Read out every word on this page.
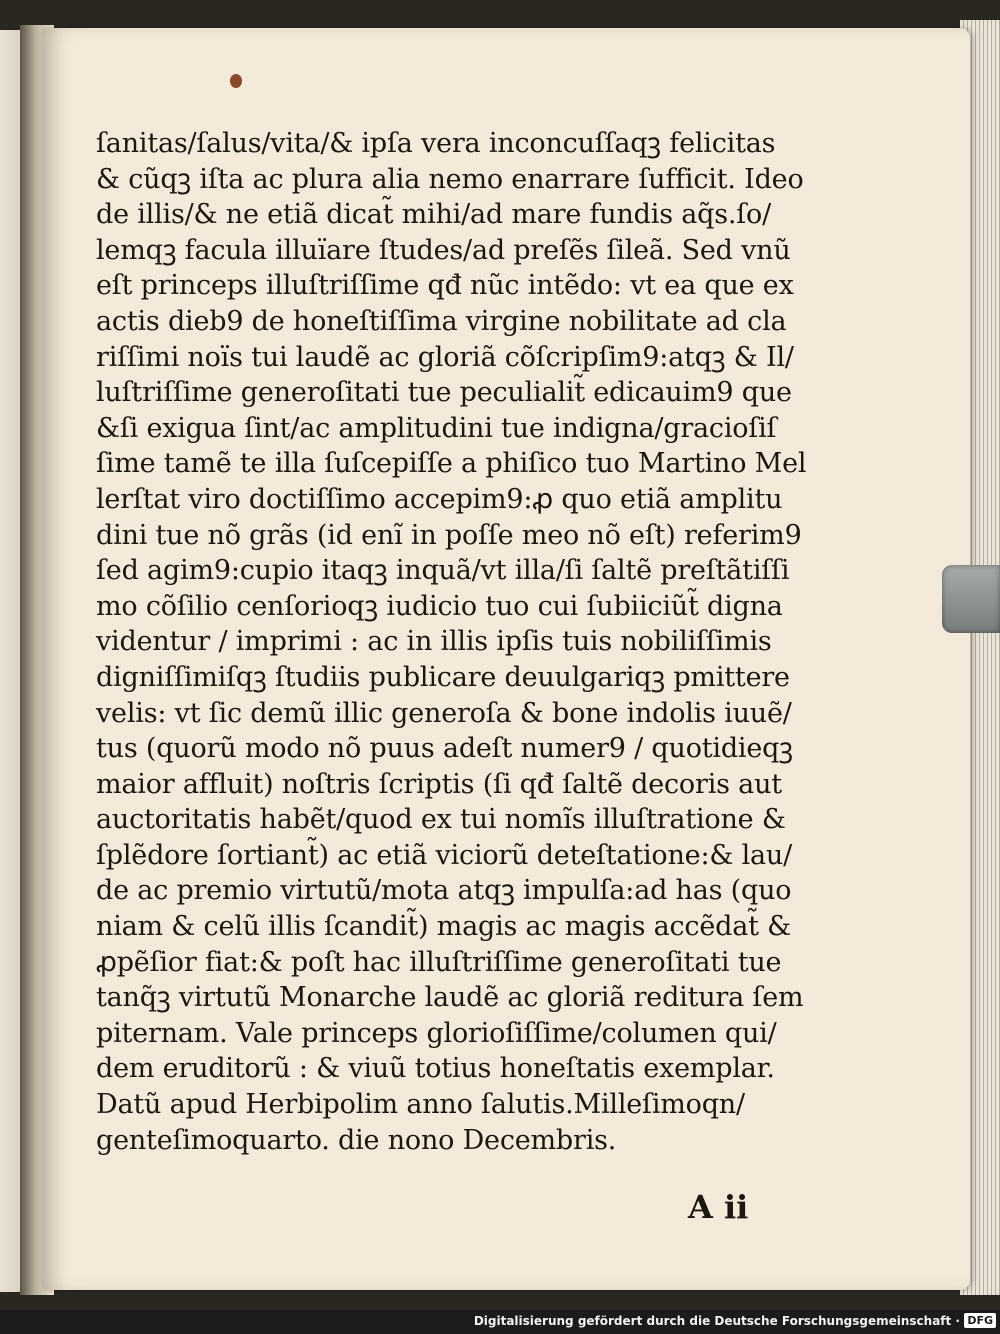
ſanitas/ſalus/vita/& ipſa vera inconcuſſaqꝫ felicitas
& cũqꝫ iſta ac plura alia nemo enarrare ſufficit. Ideo
de illis/& ne etiã dicat̃ mihi/ad mare fundis aq̃s.ſo/
lemqꝫ facula illuïare ſtudes/ad preſẽs ſileã. Sed vnũ
eſt princeps illuſtriſſime qđ nũc intẽdo: vt ea que ex
actis dieb9 de honeſtiſſima virgine nobilitate ad cla
riſſimi noïs tui laudẽ ac gloriã cõſcripſim9:atqꝫ & Il/
luſtriſſime generoſitati tue peculialit̃ edicauim9 que
&ſi exigua ſint/ac amplitudini tue indigna/gracioſiſ
ſime tamẽ te illa ſuſcepiſſe a phiſico tuo Martino Mel
lerſtat viro doctiſſimo accepim9:ꝓ quo etiã amplitu
dini tue nõ grãs (id enĩ in poſſe meo nõ eſt) referim9
ſed agim9:cupio itaqꝫ inquã/vt illa/ſi ſaltẽ preſtãtiſſi
mo cõſilio cenſorioqꝫ iudicio tuo cui ſubiiciũt̃ digna
videntur / imprimi : ac in illis ipſis tuis nobiliſſimis
digniſſimiſqꝫ ſtudiis publicare deuulgariqꝫ pmittere
velis: vt ſic demũ illic generoſa & bone indolis iuuẽ/
tus (quorũ modo nõ puus adeſt numer9 / quotidieqꝫ
maior affluit) noſtris ſcriptis (ſi qđ ſaltẽ decoris aut
auctoritatis habẽt/quod ex tui nomĩs illuſtratione &
ſplẽdore ſortiant̃) ac etiã viciorũ deteſtatione:& lau/
de ac premio virtutũ/mota atqꝫ impulſa:ad has (quo
niam & celũ illis ſcandit̃) magis ac magis accẽdat̃ &
ꝓpẽſior fiat:& poſt hac illuſtriſſime generoſitati tue
tanq̃ꝫ virtutũ Monarche laudẽ ac gloriã reditura ſem
piternam. Vale princeps glorioſiſſime/columen qui/
dem eruditorũ : & viuũ totius honeſtatis exemplar.
Datũ apud Herbipolim anno ſalutis.Milleſimoqn/
genteſimoquarto. die nono Decembris.
A ii
Digitalisierung gefördert durch die Deutsche Forschungsgemeinschaft · DFG
